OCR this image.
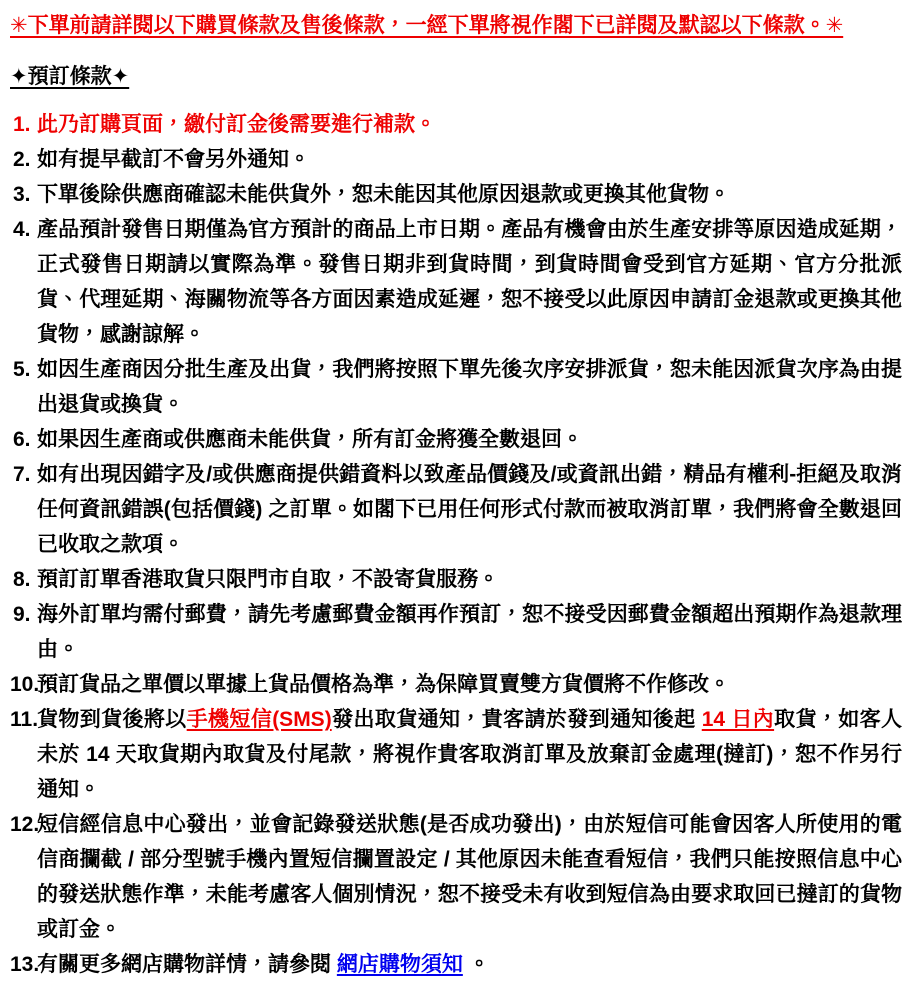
✳下單前請詳閱以下購買條款及售後條款，一經下單將視作閣下已詳閱及默認以下條款。✳
✦預訂條款✦
1. 此乃訂購頁面，繳付訂金後需要進行補款。
2. 如有提早截訂不會另外通知。
3. 下單後除供應商確認未能供貨外，恕未能因其他原因退款或更換其他貨物。
4. 產品預計發售日期僅為官方預計的商品上市日期。產品有機會由於生產安排等原因造成延期，正式發售日期請以實際為準。發售日期非到貨時間，到貨時間會受到官方延期、官方分批派貨、代理延期、海關物流等各方面因素造成延遲，恕不接受以此原因申請訂金退款或更換其他貨物，感謝諒解。
5. 如因生產商因分批生產及出貨，我們將按照下單先後次序安排派貨，恕未能因派貨次序為由提出退貨或換貨。
6. 如果因生產商或供應商未能供貨，所有訂金將獲全數退回。
7. 如有出現因錯字及/或供應商提供錯資料以致產品價錢及/或資訊出錯，精品有權利-拒絕及取消任何資訊錯誤(包括價錢) 之訂單。如閣下已用任何形式付款而被取消訂單，我們將會全數退回已收取之款項。
8. 預訂訂單香港取貨只限門市自取，不設寄貨服務。
9. 海外訂單均需付郵費，請先考慮郵費金額再作預訂，恕不接受因郵費金額超出預期作為退款理由。
10.
預訂貨品之單價以單據上貨品價格為準，為保障買賣雙方貨價將不作修改。
11.
貨物到貨後將以手機短信(SMS)發出取貨通知，貴客請於發到通知後起 14 日內取貨，如客人未於 14 天取貨期內取貨及付尾款，將視作貴客取消訂單及放棄訂金處理(撻訂)，恕不作另行通知。
12.
短信經信息中心發出，並會記錄發送狀態(是否成功發出)，由於短信可能會因客人所使用的電信商攔截 / 部分型號手機內置短信攔置設定 / 其他原因未能查看短信，我們只能按照信息中心的發送狀態作準，未能考慮客人個別情況，恕不接受未有收到短信為由要求取回已撻訂的貨物或訂金。
13.
有關更多網店購物詳情，請參閱 網店購物須知 。
